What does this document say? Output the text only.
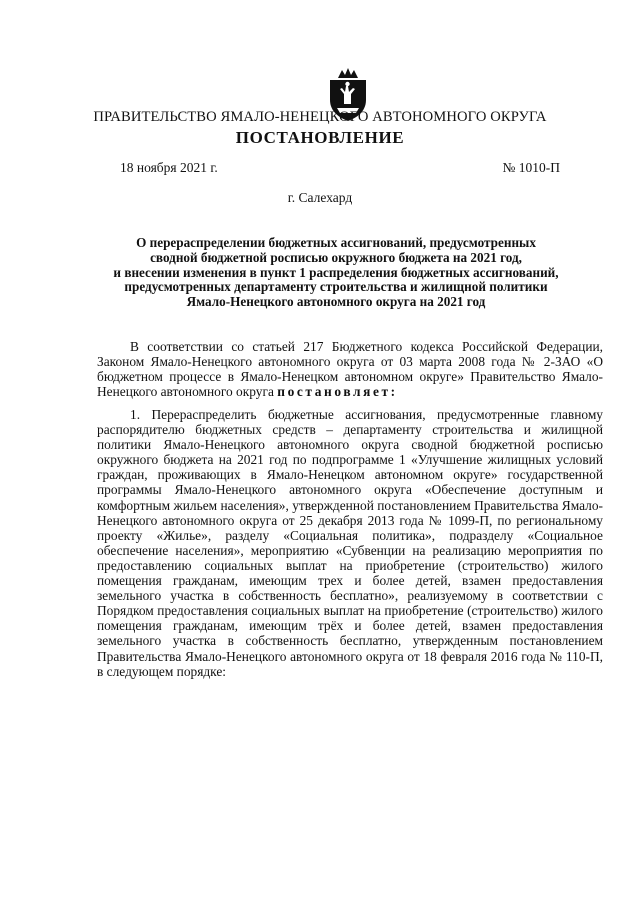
ПРАВИТЕЛЬСТВО ЯМАЛО-НЕНЕЦКОГО АВТОНОМНОГО ОКРУГА
ПОСТАНОВЛЕНИЕ
18 ноября 2021 г.	№ 1010-П
г. Салехард
О перераспределении бюджетных ассигнований, предусмотренных
сводной бюджетной росписью окружного бюджета на 2021 год,
и внесении изменения в пункт 1 распределения бюджетных ассигнований,
предусмотренных департаменту строительства и жилищной политики
Ямало-Ненецкого автономного округа на 2021 год
В соответствии со статьей 217 Бюджетного кодекса Российской Федерации, Законом Ямало-Ненецкого автономного округа от 03 марта 2008 года № 2-ЗАО «О бюджетном процессе в Ямало-Ненецком автономном округе» Правительство Ямало-Ненецкого автономного округа постановляет:
1. Перераспределить бюджетные ассигнования, предусмотренные главному распорядителю бюджетных средств – департаменту строительства и жилищной политики Ямало-Ненецкого автономного округа сводной бюджетной росписью окружного бюджета на 2021 год по подпрограмме 1 «Улучшение жилищных условий граждан, проживающих в Ямало-Ненецком автономном округе» государственной программы Ямало-Ненецкого автономного округа «Обеспечение доступным и комфортным жильем населения», утвержденной постановлением Правительства Ямало-Ненецкого автономного округа от 25 декабря 2013 года № 1099-П, по региональному проекту «Жилье», разделу «Социальная политика», подразделу «Социальное обеспечение населения», мероприятию «Субвенции на реализацию мероприятия по предоставлению социальных выплат на приобретение (строительство) жилого помещения гражданам, имеющим трех и более детей, взамен предоставления земельного участка в собственность бесплатно», реализуемому в соответствии с Порядком предоставления социальных выплат на приобретение (строительство) жилого помещения гражданам, имеющим трёх и более детей, взамен предоставления земельного участка в собственность бесплатно, утвержденным постановлением Правительства Ямало-Ненецкого автономного округа от 18 февраля 2016 года № 110-П, в следующем порядке:
